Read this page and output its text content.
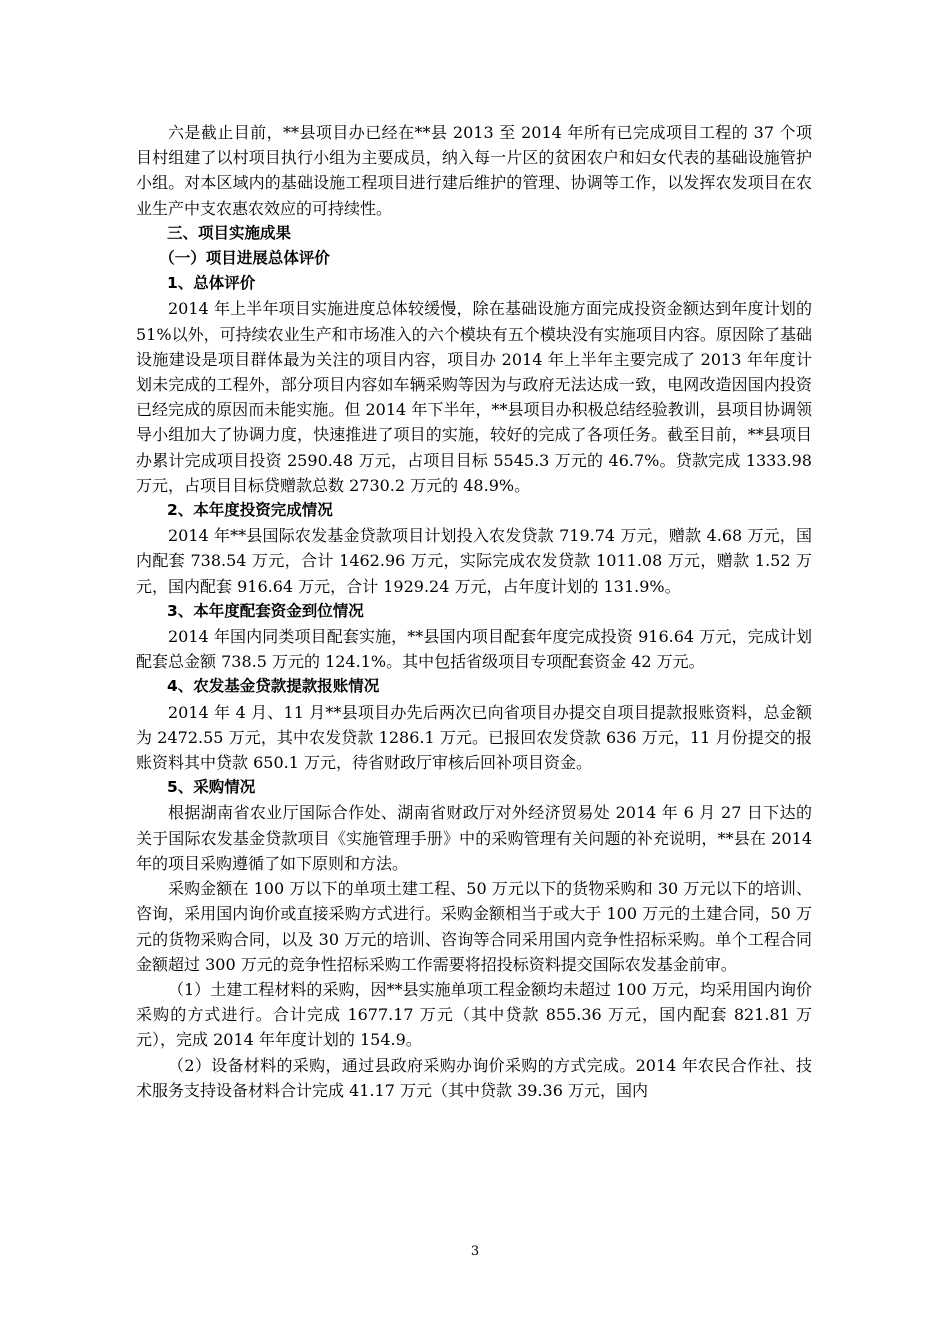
六是截止目前，**县项目办已经在**县 2013 至 2014 年所有已完成项目工程的 37 个项目村组建了以村项目执行小组为主要成员，纳入每一片区的贫困农户和妇女代表的基础设施管护小组。对本区域内的基础设施工程项目进行建后维护的管理、协调等工作，以发挥农发项目在农业生产中支农惠农效应的可持续性。

三、项目实施成果

（一）项目进展总体评价

1、总体评价

2014 年上半年项目实施进度总体较缓慢，除在基础设施方面完成投资金额达到年度计划的 51%以外，可持续农业生产和市场准入的六个模块有五个模块没有实施项目内容。原因除了基础设施建设是项目群体最为关注的项目内容，项目办 2014 年上半年主要完成了 2013 年年度计划未完成的工程外，部分项目内容如车辆采购等因为与政府无法达成一致，电网改造因国内投资已经完成的原因而未能实施。但 2014 年下半年，**县项目办积极总结经验教训，县项目协调领导小组加大了协调力度，快速推进了项目的实施，较好的完成了各项任务。截至目前，**县项目办累计完成项目投资 2590.48 万元，占项目目标 5545.3 万元的 46.7%。贷款完成 1333.98 万元，占项目目标贷赠款总数 2730.2 万元的 48.9%。

2、本年度投资完成情况

2014 年**县国际农发基金贷款项目计划投入农发贷款 719.74 万元，赠款 4.68 万元，国内配套 738.54 万元，合计 1462.96 万元，实际完成农发贷款 1011.08 万元，赠款 1.52 万元，国内配套 916.64 万元，合计 1929.24 万元，占年度计划的 131.9%。

3、本年度配套资金到位情况

2014 年国内同类项目配套实施，**县国内项目配套年度完成投资 916.64 万元，完成计划配套总金额 738.5 万元的 124.1%。其中包括省级项目专项配套资金 42 万元。

4、农发基金贷款提款报账情况

2014 年 4 月、11 月**县项目办先后两次已向省项目办提交自项目提款报账资料，总金额为 2472.55 万元，其中农发贷款 1286.1 万元。已报回农发贷款 636 万元，11 月份提交的报账资料其中贷款 650.1 万元，待省财政厅审核后回补项目资金。

5、采购情况

根据湖南省农业厅国际合作处、湖南省财政厅对外经济贸易处 2014 年 6 月 27 日下达的关于国际农发基金贷款项目《实施管理手册》中的采购管理有关问题的补充说明，**县在 2014 年的项目采购遵循了如下原则和方法。

采购金额在 100 万以下的单项土建工程、50 万元以下的货物采购和 30 万元以下的培训、咨询，采用国内询价或直接采购方式进行。采购金额相当于或大于 100 万元的土建合同，50 万元的货物采购合同，以及 30 万元的培训、咨询等合同采用国内竞争性招标采购。单个工程合同金额超过 300 万元的竞争性招标采购工作需要将招投标资料提交国际农发基金前审。

（1）土建工程材料的采购，因**县实施单项工程金额均未超过 100 万元，均采用国内询价采购的方式进行。合计完成 1677.17 万元（其中贷款 855.36 万元，国内配套 821.81 万元），完成 2014 年年度计划的 154.9。

（2）设备材料的采购，通过县政府采购办询价采购的方式完成。2014 年农民合作社、技术服务支持设备材料合计完成 41.17 万元（其中贷款 39.36 万元，国内

3
